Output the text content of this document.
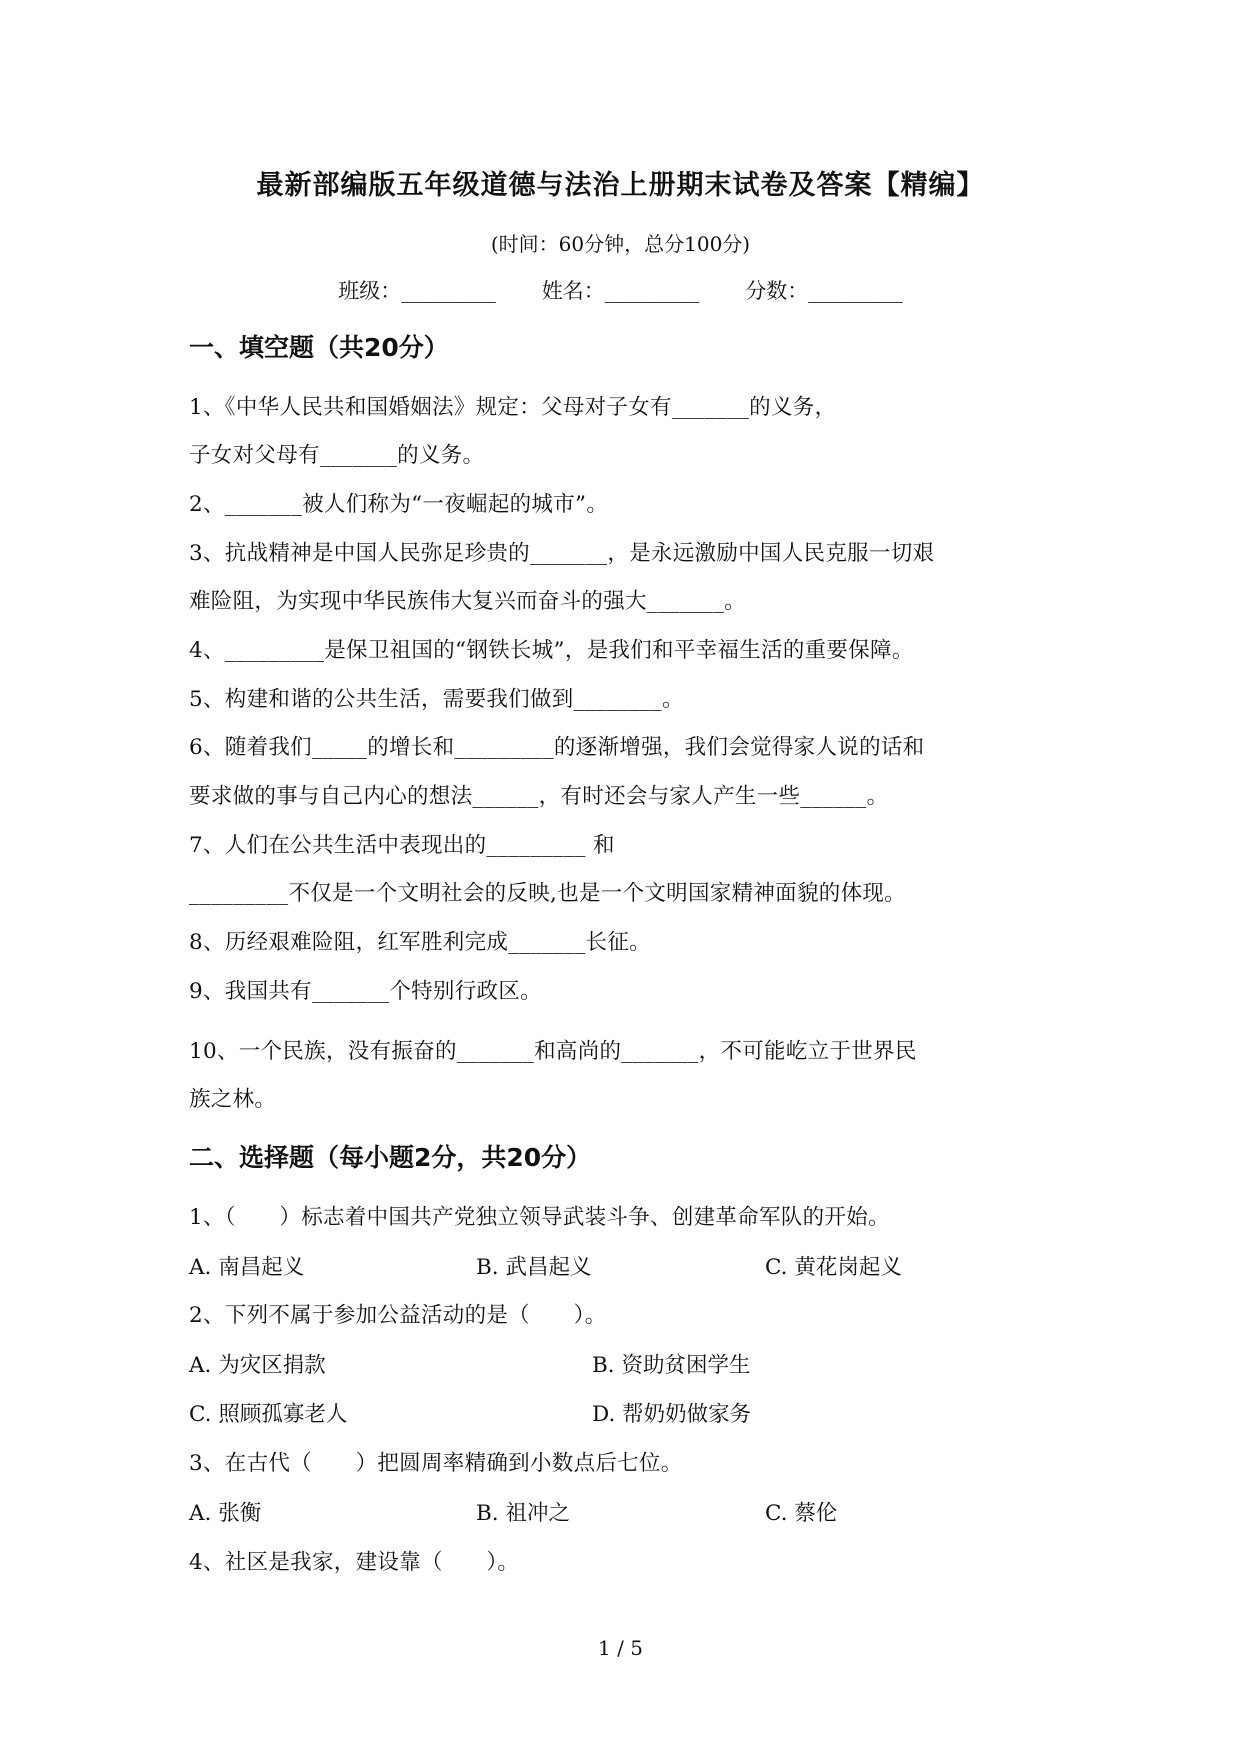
最新部编版五年级道德与法治上册期末试卷及答案【精编】
(时间：60分钟，总分100分)
班级：_________ 姓名：_________ 分数：_________
一、填空题（共20分）
1、《中华人民共和国婚姻法》规定：父母对子女有_______的义务，
子女对父母有_______的义务。
2、_______被人们称为“一夜崛起的城市”。
3、抗战精神是中国人民弥足珍贵的_______，是永远激励中国人民克服一切艰
难险阻，为实现中华民族伟大复兴而奋斗的强大_______。
4、_________是保卫祖国的“钢铁长城”，是我们和平幸福生活的重要保障。
5、构建和谐的公共生活，需要我们做到________。
6、随着我们_____的增长和_________的逐渐增强，我们会觉得家人说的话和
要求做的事与自己内心的想法______，有时还会与家人产生一些______。
7、人们在公共生活中表现出的_________ 和
_________不仅是一个文明社会的反映,也是一个文明国家精神面貌的体现。
8、历经艰难险阻，红军胜利完成_______长征。
9、我国共有_______个特别行政区。
10、一个民族，没有振奋的_______和高尚的_______，不可能屹立于世界民
族之林。
二、选择题（每小题2分，共20分）
1、（　　）标志着中国共产党独立领导武装斗争、创建革命军队的开始。
A. 南昌起义	B. 武昌起义	C. 黄花岗起义
2、下列不属于参加公益活动的是（　　）。
A. 为灾区捐款	B. 资助贫困学生
C. 照顾孤寡老人	D. 帮奶奶做家务
3、在古代（　　）把圆周率精确到小数点后七位。
A. 张衡	B. 祖冲之	C. 蔡伦
4、社区是我家，建设靠（　　）。
1 / 5
